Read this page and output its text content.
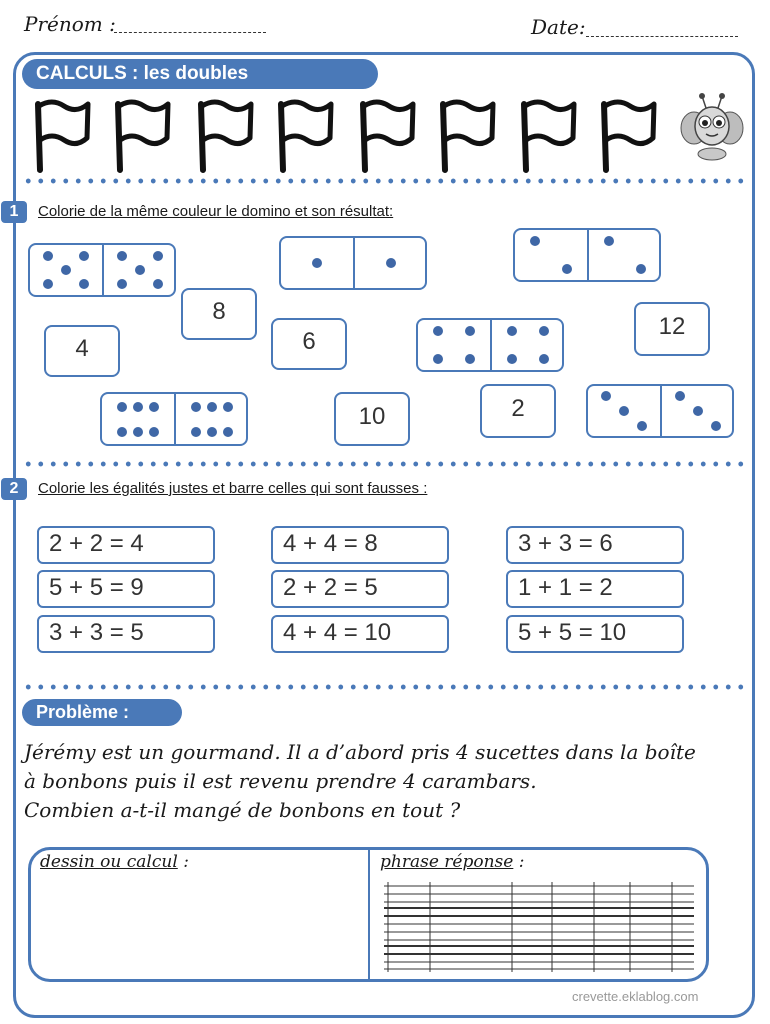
Prénom :	Date:
CALCULS : les doubles
1	Colorie de la même couleur le domino et son résultat:
8
4	6
12
10	2
2	Colorie les égalités justes et barre celles qui sont fausses :
2 + 2 = 4	4 + 4 = 8	3 + 3 = 6
5 + 5 = 9	2 + 2 = 5	1 + 1 = 2
3 + 3 = 5	4 + 4 = 10	5 + 5 = 10
Problème :
Jérémy est un gourmand. Il a d’abord pris 4 sucettes dans la boîte
à bonbons puis il est revenu prendre 4 carambars.
Combien a-t-il mangé de bonbons en tout ?
dessin ou calcul :	phrase réponse :
crevette.eklablog.com
